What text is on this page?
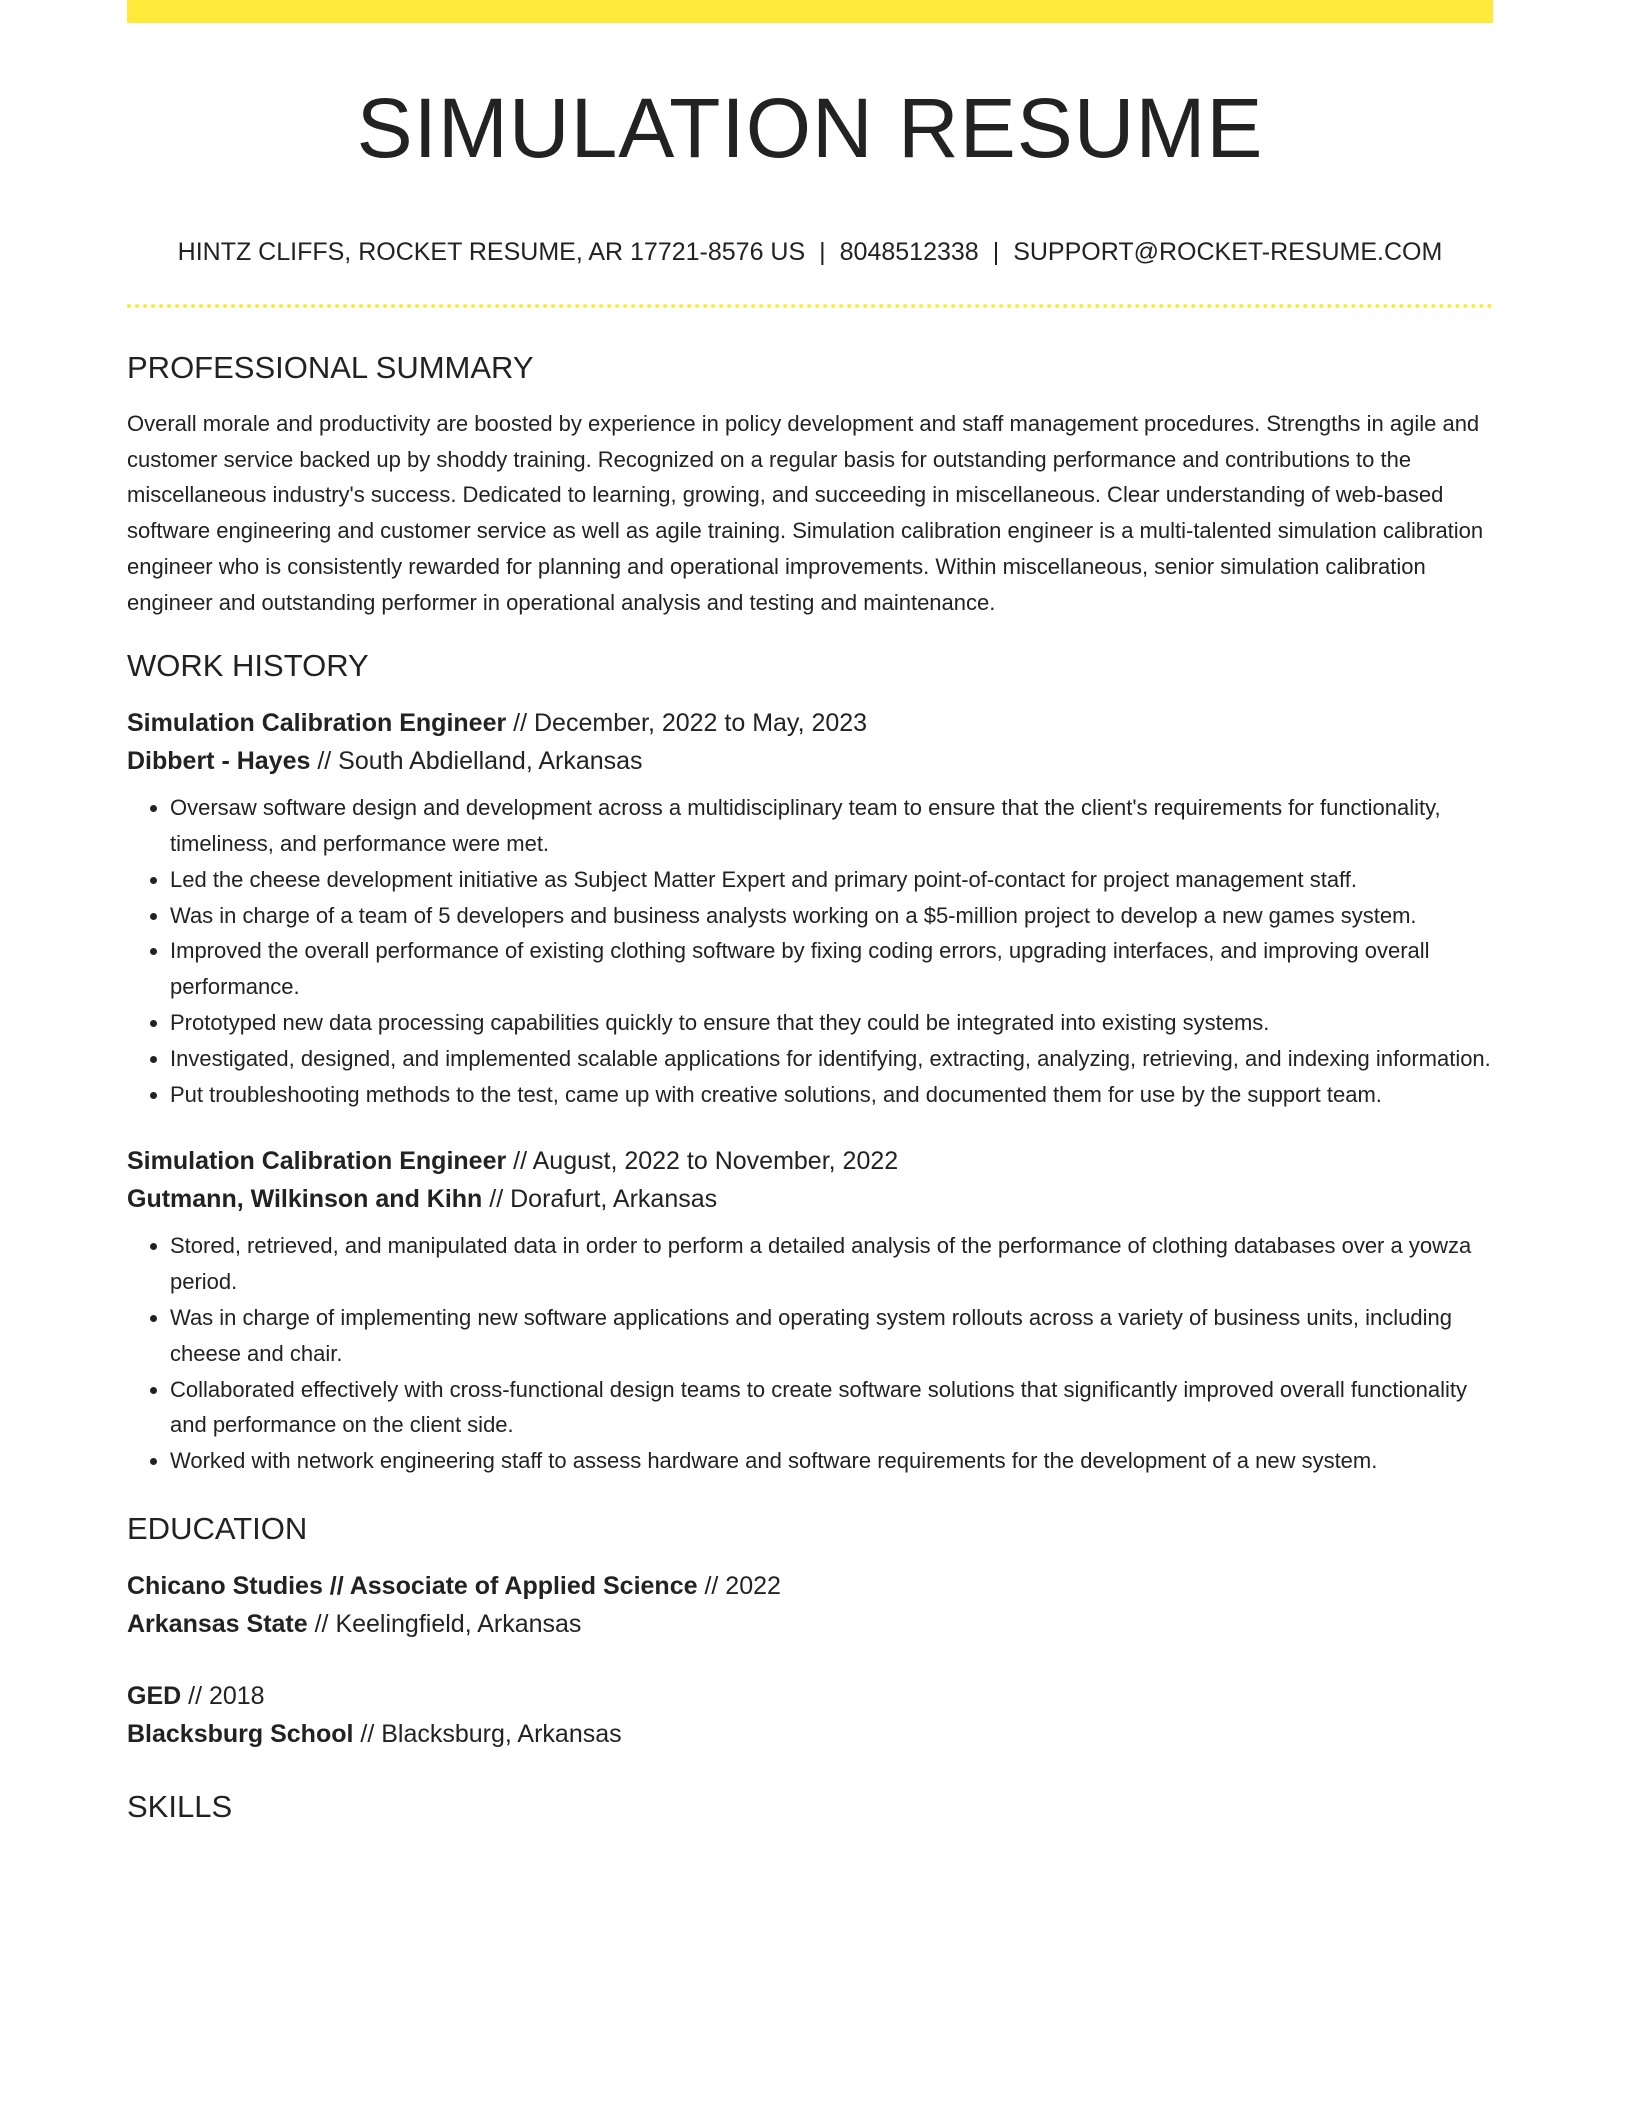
SIMULATION RESUME
HINTZ CLIFFS, ROCKET RESUME, AR 17721-8576 US | 8048512338 | SUPPORT@ROCKET-RESUME.COM
PROFESSIONAL SUMMARY

Overall morale and productivity are boosted by experience in policy development and staff management procedures. Strengths in agile and customer service backed up by shoddy training. Recognized on a regular basis for outstanding performance and contributions to the miscellaneous industry's success. Dedicated to learning, growing, and succeeding in miscellaneous. Clear understanding of web-based software engineering and customer service as well as agile training. Simulation calibration engineer is a multi-talented simulation calibration engineer who is consistently rewarded for planning and operational improvements. Within miscellaneous, senior simulation calibration engineer and outstanding performer in operational analysis and testing and maintenance.

WORK HISTORY

Simulation Calibration Engineer // December, 2022 to May, 2023

Dibbert - Hayes // South Abdielland, Arkansas

• Oversaw software design and development across a multidisciplinary team to ensure that the client's requirements for functionality, timeliness, and performance were met.
• Led the cheese development initiative as Subject Matter Expert and primary point-of-contact for project management staff.
• Was in charge of a team of 5 developers and business analysts working on a $5-million project to develop a new games system.
• Improved the overall performance of existing clothing software by fixing coding errors, upgrading interfaces, and improving overall performance.
• Prototyped new data processing capabilities quickly to ensure that they could be integrated into existing systems.
• Investigated, designed, and implemented scalable applications for identifying, extracting, analyzing, retrieving, and indexing information.
• Put troubleshooting methods to the test, came up with creative solutions, and documented them for use by the support team.

Simulation Calibration Engineer // August, 2022 to November, 2022

Gutmann, Wilkinson and Kihn // Dorafurt, Arkansas

• Stored, retrieved, and manipulated data in order to perform a detailed analysis of the performance of clothing databases over a yowza period.
• Was in charge of implementing new software applications and operating system rollouts across a variety of business units, including cheese and chair.
• Collaborated effectively with cross-functional design teams to create software solutions that significantly improved overall functionality and performance on the client side.
• Worked with network engineering staff to assess hardware and software requirements for the development of a new system.
EDUCATION

Chicano Studies // Associate of Applied Science // 2022

Arkansas State // Keelingfield, Arkansas

GED // 2018

Blacksburg School // Blacksburg, Arkansas

SKILLS
